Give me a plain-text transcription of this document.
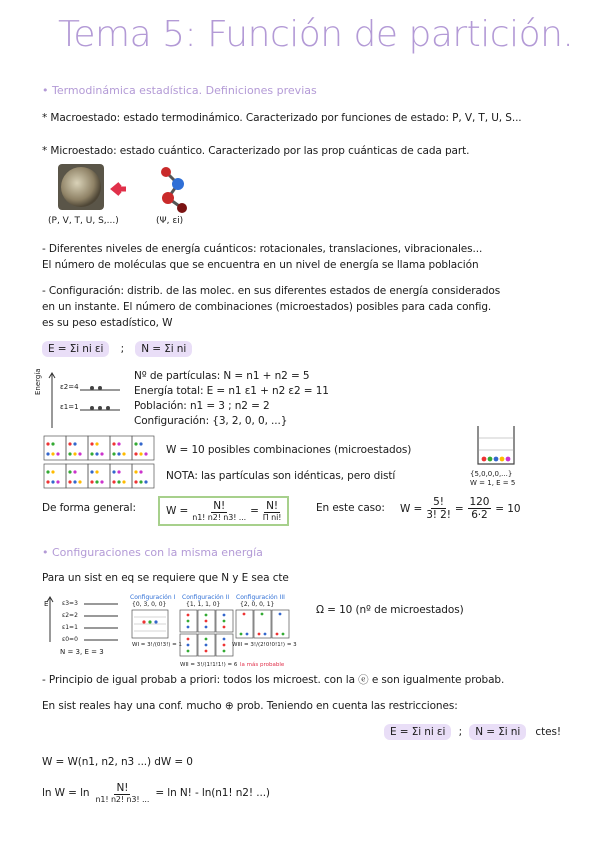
Tema 5: Función de partición.
• Termodinámica estadística. Definiciones previas
* Macroestado: estado termodinámico. Caracterizado por funciones de estado: P, V, T, U, S...
* Microestado: estado cuántico. Caracterizado por las prop cuánticas de cada part.
(P, V, T, U, S,...)	(Ψ, εi)
- Diferentes niveles de energía cuánticos: rotacionales, translaciones, vibracionales...
El número de moléculas que se encuentra en un nivel de energía se llama población
- Configuración: distrib. de las molec. en sus diferentes estados de energía considerados
en un instante. El número de combinaciones (microestados) posibles para cada config.
es su peso estadístico, W
E = Σi ni εi ; N = Σi ni
Energía	ε2=4
ε1=1
Nº de partículas: N = n1 + n2 = 5
Energía total: E = n1 ε1 + n2 ε2 = 11
Población: n1 = 3 ; n2 = 2
Configuración: {3, 2, 0, 0, ...}
W = 10 posibles combinaciones (microestados)
NOTA: las partículas son idénticas, pero distí	{5,0,0,0,...}
W = 1, E = 5
De forma general:	$W = \frac{N!}{n1! n2! n3! ...} = \frac{N!}{\text{Π ni!}}$	En este caso: $W = \frac{5!}{3! 2!} = \frac{120}{6\cdot 2} = 10$
• Configuraciones con la misma energía
Para un sist en eq se requiere que N y E sea cte
E ε3=3
ε2=2
ε1=1
ε0=0
N = 3, E = 3
Configuración I
{0, 3, 0, 0}
WI = 3!/(0!3!) = 1
Configuración II
{1, 1, 1, 0}
WII = 3!/(1!1!1!) = 6 la más probable
Configuración III
{2, 0, 0, 1}
WIII = 3!/(2!0!0!1!) = 3
Ω = 10 (nº de microestados)
- Principio de igual probab a priori: todos los microest. con la ⓔ e son igualmente probab.
En sist reales hay una conf. mucho ⊕ prob. Teniendo en cuenta las restricciones:
E = Σi ni εi ; N = Σi ni ctes!
W = W(n1, n2, n3 ...) dW = 0
$\ln W = \ln \frac{N!}{n1! n2! n3! ...} = \ln N$! - ln(n1! n2! ...)
